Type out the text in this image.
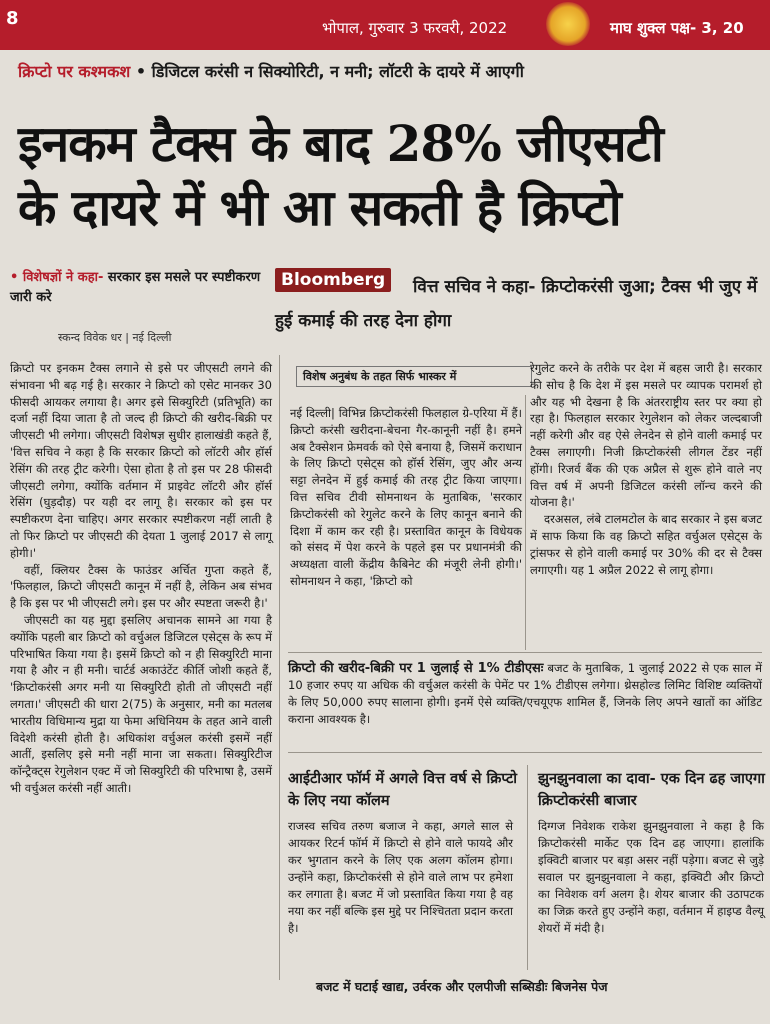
8	भोपाल, गुरुवार 3 फरवरी, 2022	माघ शुक्ल पक्ष- 3, 20
क्रिप्टो पर कश्मकश • डिजिटल करंसी न सिक्योरिटी, न मनी; लॉटरी के दायरे में आएगी
इनकम टैक्स के बाद 28% जीएसटी
के दायरे में भी आ सकती है क्रिप्टो
• विशेषज्ञों ने कहा- सरकार इस मसले पर स्पष्टीकरण जारी करे
स्कन्द विवेक धर | नई दिल्ली
Bloomberg	वित्त सचिव ने कहा- क्रिप्टोकरंसी जुआ; टैक्स भी जुए में हुई कमाई की तरह देना होगा

क्रिप्टो पर इनकम टैक्स लगाने से इसे पर जीएसटी लगने की संभावना भी बढ़ गई है। सरकार ने क्रिप्टो को एसेट मानकर 30 फीसदी आयकर लगाया है। अगर इसे सिक्युरिटी (प्रतिभूति) का दर्जा नहीं दिया जाता है तो जल्द ही क्रिप्टो की खरीद-बिक्री पर जीएसटी भी लगेगा। जीएसटी विशेषज्ञ सुधीर हालाखंडी कहते हैं, 'वित्त सचिव ने कहा है कि सरकार क्रिप्टो को लॉटरी और हॉर्स रेसिंग की तरह ट्रीट करेगी। ऐसा होता है तो इस पर 28 फीसदी जीएसटी लगेगा, क्योंकि वर्तमान में प्राइवेट लॉटरी और हॉर्स रेसिंग (घुड़दौड़) पर यही दर लागू है। सरकार को इस पर स्पष्टीकरण देना चाहिए। अगर सरकार स्पष्टीकरण नहीं लाती है तो फिर क्रिप्टो पर जीएसटी की देयता 1 जुलाई 2017 से लागू होगी।'

वहीं, क्लियर टैक्स के फाउंडर अर्चित गुप्ता कहते हैं, 'फिलहाल, क्रिप्टो जीएसटी कानून में नहीं है, लेकिन अब संभव है कि इस पर भी जीएसटी लगे। इस पर और स्पष्टता जरूरी है।'

जीएसटी का यह मुद्दा इसलिए अचानक सामने आ गया है क्योंकि पहली बार क्रिप्टो को वर्चुअल डिजिटल एसेट्स के रूप में परिभाषित किया गया है। इसमें क्रिप्टो को न ही सिक्युरिटी माना गया है और न ही मनी। चार्टर्ड अकाउंटेंट कीर्ति जोशी कहते हैं, 'क्रिप्टोकरंसी अगर मनी या सिक्युरिटी होती तो जीएसटी नहीं लगता।' जीएसटी की धारा 2(75) के अनुसार, मनी का मतलब भारतीय विधिमान्य मुद्रा या फेमा अधिनियम के तहत आने वाली विदेशी करंसी होती है। अधिकांश वर्चुअल करंसी इसमें नहीं आतीं, इसलिए इसे मनी नहीं माना जा सकता। सिक्युरिटीज कॉन्ट्रैक्ट्स रेगुलेशन एक्ट में जो सिक्युरिटी की परिभाषा है, उसमें भी वर्चुअल करंसी नहीं आती।

विशेष अनुबंध के तहत सिर्फ भास्कर में

नई दिल्ली| विभिन्न क्रिप्टोकरंसी फिलहाल ग्रे-एरिया में हैं। क्रिप्टो करंसी खरीदना-बेचना गैर-कानूनी नहीं है। हमने अब टैक्सेशन फ्रेमवर्क को ऐसे बनाया है, जिसमें कराधान के लिए क्रिप्टो एसेट्स को हॉर्स रेसिंग, जुए और अन्य सट्टा लेनदेन में हुई कमाई की तरह ट्रीट किया जाएगा। वित्त सचिव टीवी सोमनाथन के मुताबिक, 'सरकार क्रिप्टोकरंसी को रेगुलेट करने के लिए कानून बनाने की दिशा में काम कर रही है। प्रस्तावित कानून के विधेयक को संसद में पेश करने के पहले इस पर प्रधानमंत्री की अध्यक्षता वाली केंद्रीय कैबिनेट की मंजूरी लेनी होगी।' सोमनाथन ने कहा, 'क्रिप्टो को

रेगुलेट करने के तरीके पर देश में बहस जारी है। सरकार की सोच है कि देश में इस मसले पर व्यापक परामर्श हो और यह भी देखना है कि अंतरराष्ट्रीय स्तर पर क्या हो रहा है। फिलहाल सरकार रेगुलेशन को लेकर जल्दबाजी नहीं करेगी और वह ऐसे लेनदेन से होने वाली कमाई पर टैक्स लगाएगी। निजी क्रिप्टोकरंसी लीगल टेंडर नहीं होंगी। रिजर्व बैंक की एक अप्रैल से शुरू होने वाले नए वित्त वर्ष में अपनी डिजिटल करंसी लॉन्च करने की योजना है।'

दरअसल, लंबे टालमटोल के बाद सरकार ने इस बजट में साफ किया कि वह क्रिप्टो सहित वर्चुअल एसेट्स के ट्रांसफर से होने वाली कमाई पर 30% की दर से टैक्स लगाएगी। यह 1 अप्रैल 2022 से लागू होगा।

क्रिप्टो की खरीद-बिक्री पर 1 जुलाई से 1% टीडीएसः बजट के मुताबिक, 1 जुलाई 2022 से एक साल में 10 हजार रुपए या अधिक की वर्चुअल करंसी के पेमेंट पर 1% टीडीएस लगेगा। थ्रेसहोल्ड लिमिट विशिष्ट व्यक्तियों के लिए 50,000 रुपए सालाना होगी। इनमें ऐसे व्यक्ति/एचयूएफ शामिल हैं, जिनके लिए अपने खातों का ऑडिट कराना आवश्यक है।
आईटीआर फॉर्म में अगले वित्त वर्ष से क्रिप्टो के लिए नया कॉलम

राजस्व सचिव तरुण बजाज ने कहा, अगले साल से आयकर रिटर्न फॉर्म में क्रिप्टो से होने वाले फायदे और कर भुगतान करने के लिए एक अलग कॉलम होगा। उन्होंने कहा, क्रिप्टोकरंसी से होने वाले लाभ पर हमेशा कर लगाता है। बजट में जो प्रस्तावित किया गया है वह नया कर नहीं बल्कि इस मुद्दे पर निश्चितता प्रदान करता है।

झुनझुनवाला का दावा- एक दिन ढह जाएगा क्रिप्टोकरंसी बाजार

दिग्गज निवेशक राकेश झुनझुनवाला ने कहा है कि क्रिप्टोकरंसी मार्केट एक दिन ढह जाएगा। हालांकि इक्विटी बाजार पर बड़ा असर नहीं पड़ेगा। बजट से जुड़े सवाल पर झुनझुनवाला ने कहा, इक्विटी और क्रिप्टो का निवेशक वर्ग अलग है। शेयर बाजार की उठापटक का जिक्र करते हुए उन्होंने कहा, वर्तमान में हाइप्ड वैल्यू शेयरों में मंदी है।

बजट में घटाई खाद्य, उर्वरक और एलपीजी सब्सिडीः बिजनेस पेज
